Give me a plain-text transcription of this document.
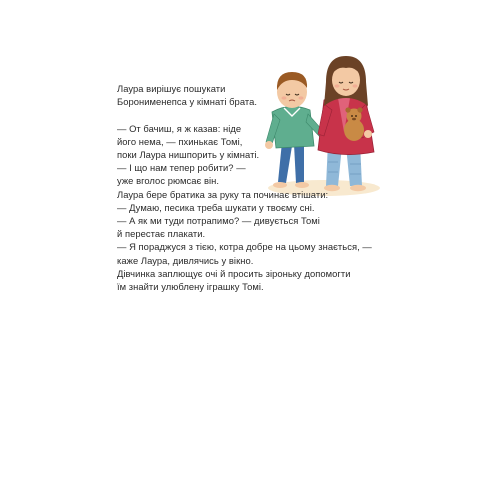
Лаура вирішує пошукати
Боронименепса у кімнаті брата.

— От бачиш, я ж казав: ніде
його нема, — пхинькає Томі,
поки Лаура нишпорить у кімнаті.
— І що нам тепер робити? —
уже вголос рюмсає він.
Лаура бере братика за руку та починає втішати:
— Думаю, песика треба шукати у твоєму сні.
— А як ми туди потрапимо? — дивується Томі
й перестає плакати.
— Я пораджуся з тією, котра добре на цьому знається, —
каже Лаура, дивлячись у вікно.
Дівчинка заплющує очі й просить зіроньку допомогти
їм знайти улюблену іграшку Томі.
